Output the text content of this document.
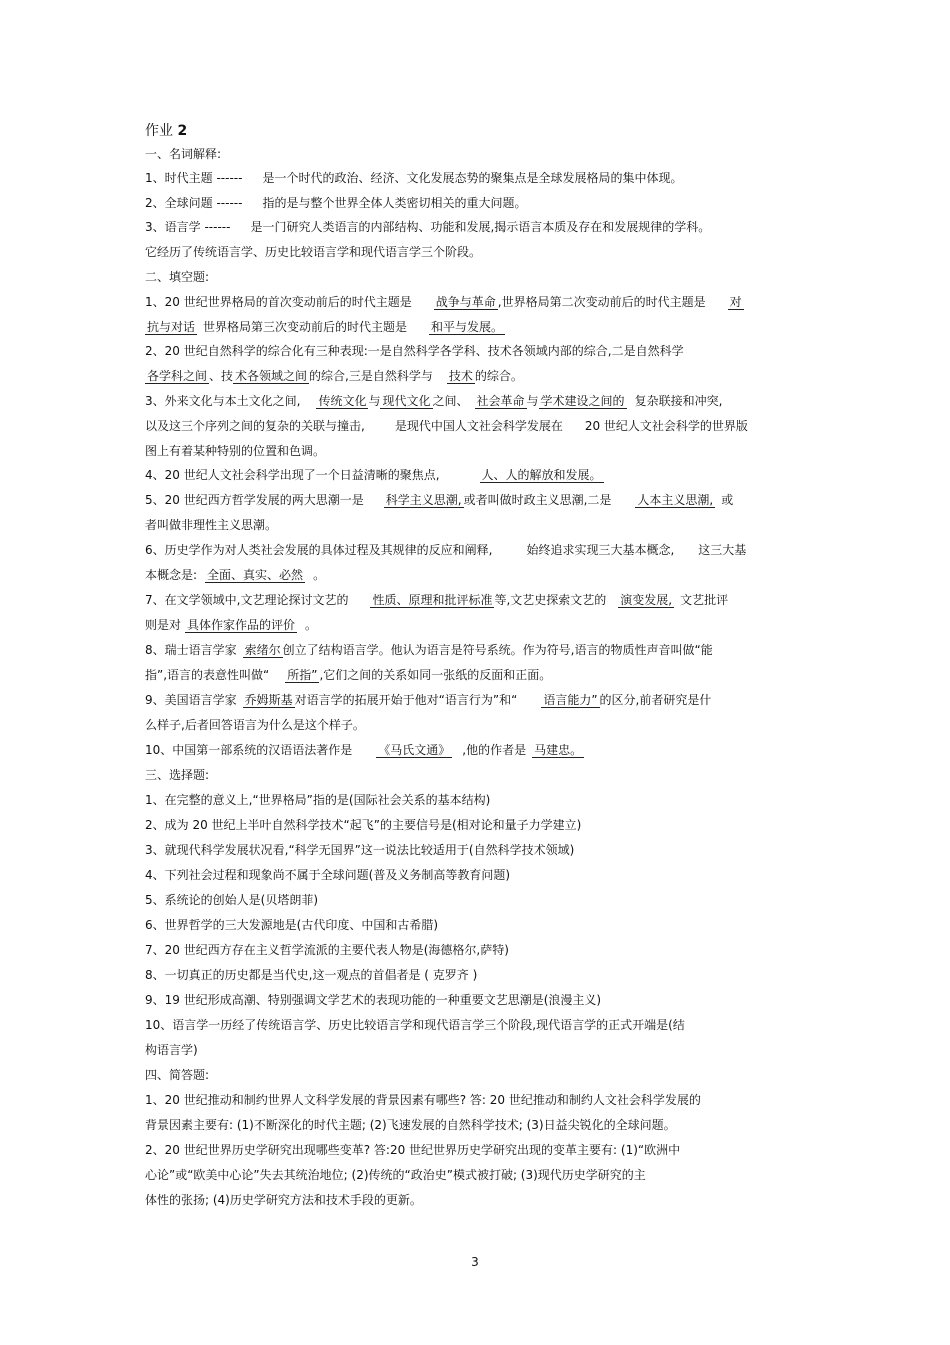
作业 2
一、名词解释:
1、时代主题 ------ 是一个时代的政治、经济、文化发展态势的聚集点是全球发展格局的集中体现。
2、全球问题 ------ 指的是与整个世界全体人类密切相关的重大问题。
3、语言学 ------ 是一门研究人类语言的内部结构、功能和发展,揭示语言本质及存在和发展规律的学科。
它经历了传统语言学、历史比较语言学和现代语言学三个阶段。
二、填空题:
1、20 世纪世界格局的首次变动前后的时代主题是 战争与革命 ,世界格局第二次变动前后的时代主题是 对
抗与对话 世界格局第三次变动前后的时代主题是 和平与发展。
2、20 世纪自然科学的综合化有三种表现:一是自然科学各学科、技术各领域内部的综合,二是自然科学
各学科之间 、技 术各领域之间 的综合,三是自然科学与 技术 的综合。
3、外来文化与本土文化之间, 传统文化 与 现代文化 之间、 社会革命 与 学术建设之间的 复杂联接和冲突,
以及这三个序列之间的复杂的关联与撞击,	是现代中国人文社会科学发展在 20 世纪人文社会科学的世界版
图上有着某种特别的位置和色调。
4、20 世纪人文社会科学出现了一个日益清晰的聚焦点,	人、人的解放和发展。
5、20 世纪西方哲学发展的两大思潮一是 科学主义思潮, 或者叫做时政主义思潮,二是 人本主义思潮, 或
者叫做非理性主义思潮。
6、历史学作为对人类社会发展的具体过程及其规律的反应和阐释,	始终追求实现三大基本概念, 这三大基
本概念是: 全面、真实、必然 。
7、在文学领域中,文艺理论探讨文艺的 性质、原理和批评标准 等,文艺史探索文艺的 演变发展, 文艺批评
则是对 具体作家作品的评价 。
8、瑞士语言学家 索绪尔 创立了结构语言学。他认为语言是符号系统。作为符号,语言的物质性声音叫做“能
指”,语言的表意性叫做“ 所指” ,它们之间的关系如同一张纸的反面和正面。
9、美国语言学家 乔姆斯基 对语言学的拓展开始于他对“语言行为”和“ 语言能力” 的区分,前者研究是什
么样子,后者回答语言为什么是这个样子。
10、中国第一部系统的汉语语法著作是 《马氏文通》 ,他的作者是 马建忠。
三、选择题:
1、在完整的意义上,“世界格局”指的是(国际社会关系的基本结构)
2、成为 20 世纪上半叶自然科学技术“起飞”的主要信号是(相对论和量子力学建立)
3、就现代科学发展状况看,“科学无国界”这一说法比较适用于(自然科学技术领域)
4、下列社会过程和现象尚不属于全球问题(普及义务制高等教育问题)
5、系统论的创始人是(贝塔朗菲)
6、世界哲学的三大发源地是(古代印度、中国和古希腊)
7、20 世纪西方存在主义哲学流派的主要代表人物是(海德格尔,萨特)
8、一切真正的历史都是当代史,这一观点的首倡者是 ( 克罗齐 )
9、19 世纪形成高潮、特别强调文学艺术的表现功能的一种重要文艺思潮是(浪漫主义)
10、语言学一历经了传统语言学、历史比较语言学和现代语言学三个阶段,现代语言学的正式开端是(结
构语言学)
四、简答题:
1、20 世纪推动和制约世界人文科学发展的背景因素有哪些? 答: 20 世纪推动和制约人文社会科学发展的
背景因素主要有: (1)不断深化的时代主题; (2)飞速发展的自然科学技术; (3)日益尖锐化的全球问题。
2、20 世纪世界历史学研究出现哪些变革? 答:20 世纪世界历史学研究出现的变革主要有: (1)“欧洲中
心论”或“欧美中心论”失去其统治地位; (2)传统的“政治史”模式被打破; (3)现代历史学研究的主
体性的张扬; (4)历史学研究方法和技术手段的更新。
3
